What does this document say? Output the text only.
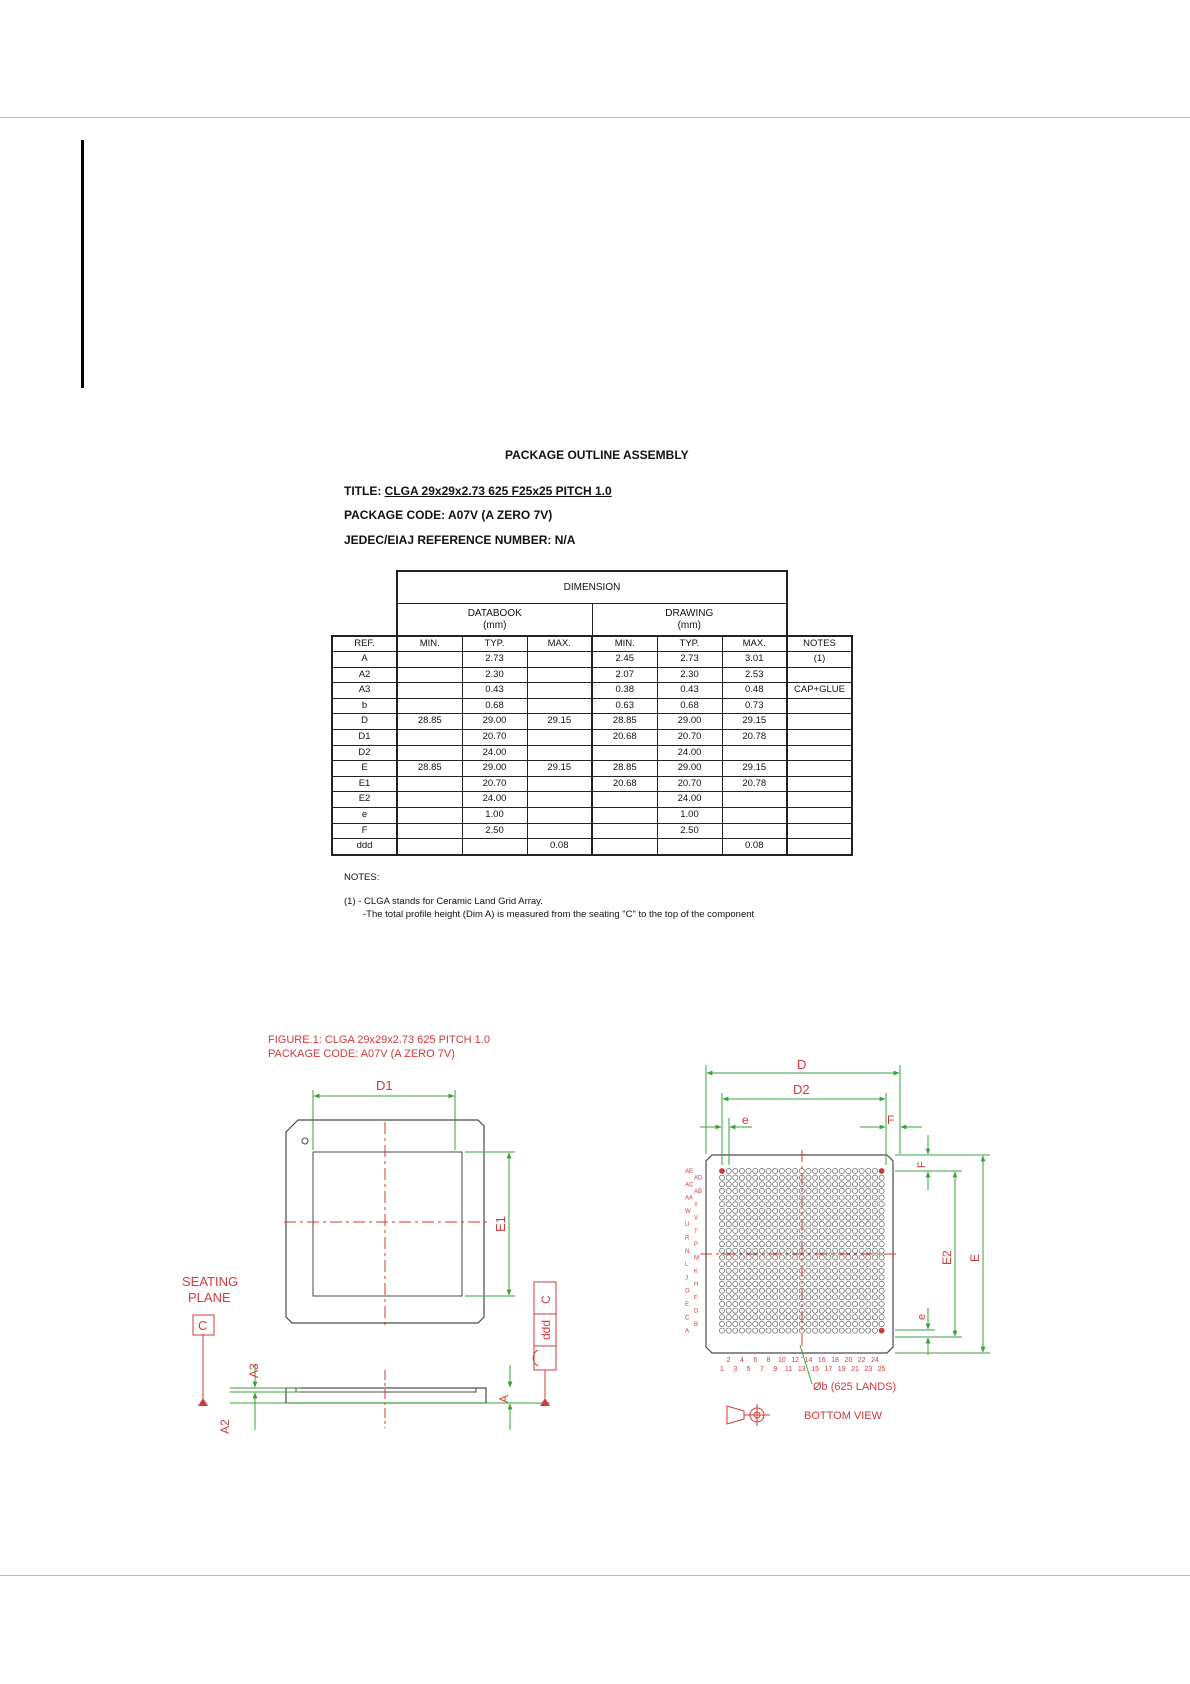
PACKAGE OUTLINE ASSEMBLY
TITLE: CLGA 29x29x2.73 625 F25x25 PITCH 1.0
PACKAGE CODE: A07V (A ZERO 7V)
JEDEC/EIAJ REFERENCE NUMBER: N/A
	DIMENSION						
	DATABOOK
(mm)			DRAWING
(mm)			
REF.	MIN.	TYP.	MAX.	MIN.	TYP.	MAX.	NOTES
A		2.73		2.45	2.73	3.01	(1)
A2		2.30		2.07	2.30	2.53	
A3		0.43		0.38	0.43	0.48	CAP+GLUE
b		0.68		0.63	0.68	0.73	
D	28.85	29.00	29.15	28.85	29.00	29.15	
D1		20.70		20.68	20.70	20.78	
D2		24.00			24.00		
E	28.85	29.00	29.15	28.85	29.00	29.15	
E1		20.70		20.68	20.70	20.78	
E2		24.00			24.00		
e		1.00			1.00		
F		2.50			2.50		
ddd			0.08			0.08	
NOTES:
(1) - CLGA stands for Ceramic Land Grid Array.
-The total profile height (Dim A) is measured from the seating "C" to the top of the component
FIGURE.1: CLGA 29x29x2.73 625 PITCH 1.0
PACKAGE CODE: A07V (A ZERO 7V)
D1
E1
A3
A2
A
SEATING
PLANE
C
C
ddd
AE
AC
AA
W
U
R
N
L
J
G
E
C
A
AD
AB
Y
V
T
P
M
K
H
F
D
B
2 4 6 8 10 12 14 16 18 20 22 24
1 3 5 7 9 11 13 15 17 19 21 23 25
D
D2
e	F
E
E2
F
e
Øb (625 LANDS)
BOTTOM VIEW
